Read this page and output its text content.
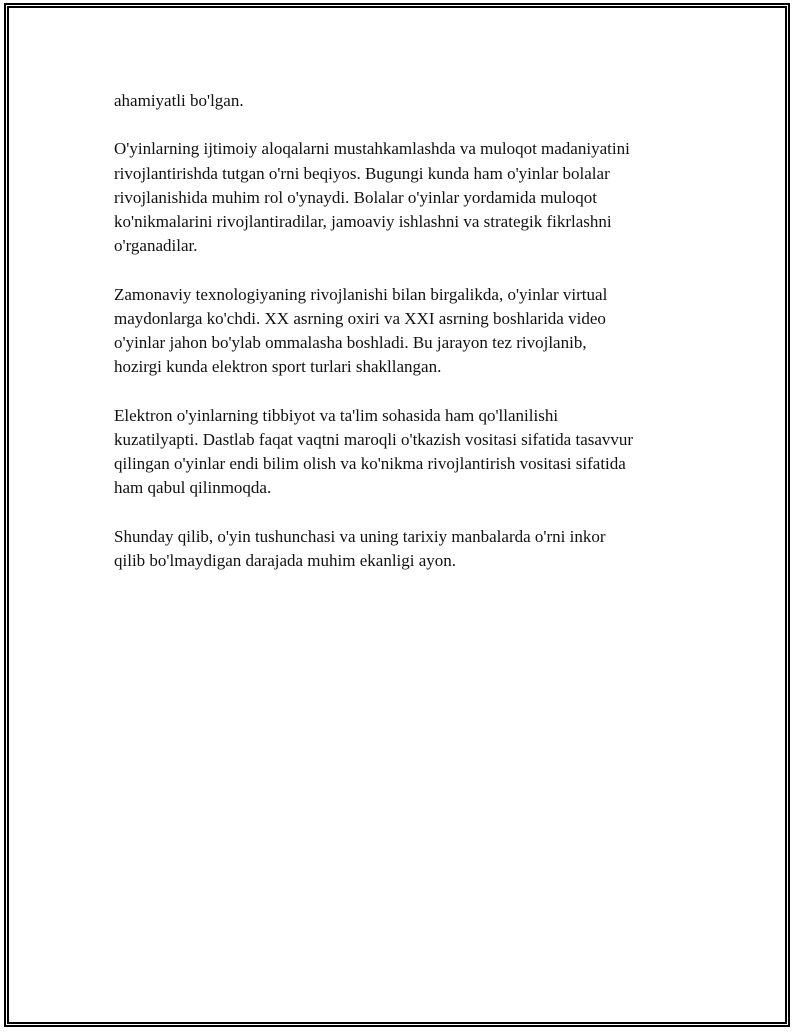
ahamiyatli bo'lgan.

O'yinlarning ijtimoiy aloqalarni mustahkamlashda va muloqot madaniyatini
rivojlantirishda tutgan o'rni beqiyos. Bugungi kunda ham o'yinlar bolalar
rivojlanishida muhim rol o'ynaydi. Bolalar o'yinlar yordamida muloqot
ko'nikmalarini rivojlantiradilar, jamoaviy ishlashni va strategik fikrlashni
o'rganadilar.

Zamonaviy texnologiyaning rivojlanishi bilan birgalikda, o'yinlar virtual
maydonlarga ko'chdi. XX asrning oxiri va XXI asrning boshlarida video
o'yinlar jahon bo'ylab ommalasha boshladi. Bu jarayon tez rivojlanib,
hozirgi kunda elektron sport turlari shakllangan.

Elektron o'yinlarning tibbiyot va ta'lim sohasida ham qo'llanilishi
kuzatilyapti. Dastlab faqat vaqtni maroqli o'tkazish vositasi sifatida tasavvur
qilingan o'yinlar endi bilim olish va ko'nikma rivojlantirish vositasi sifatida
ham qabul qilinmoqda.

Shunday qilib, o'yin tushunchasi va uning tarixiy manbalarda o'rni inkor
qilib bo'lmaydigan darajada muhim ekanligi ayon.
